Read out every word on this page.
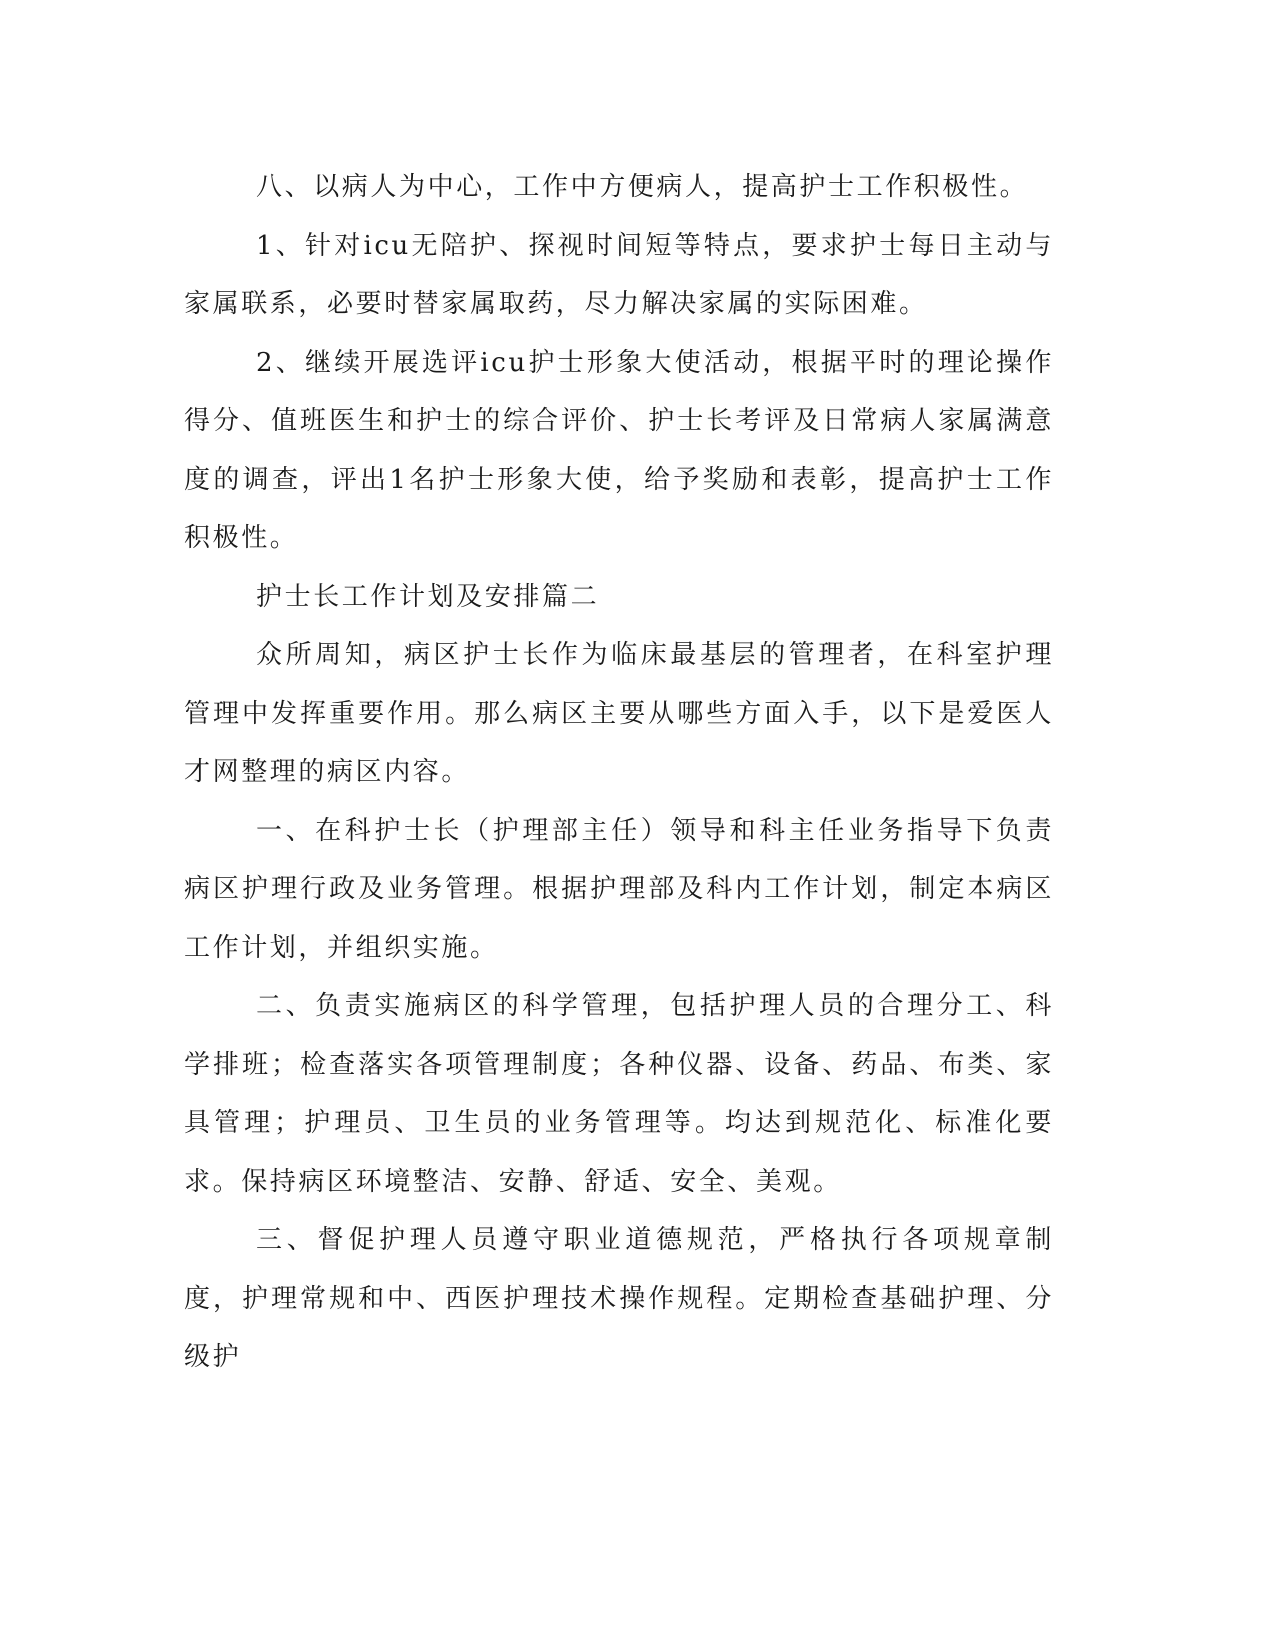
八、以病人为中心，工作中方便病人，提高护士工作积极性。

1、针对icu无陪护、探视时间短等特点，要求护士每日主动与家属联系，必要时替家属取药，尽力解决家属的实际困难。

2、继续开展选评icu护士形象大使活动，根据平时的理论操作得分、值班医生和护士的综合评价、护士长考评及日常病人家属满意度的调查，评出1名护士形象大使，给予奖励和表彰，提高护士工作积极性。

护士长工作计划及安排篇二

众所周知，病区护士长作为临床最基层的管理者，在科室护理管理中发挥重要作用。那么病区主要从哪些方面入手，以下是爱医人才网整理的病区内容。

一、在科护士长（护理部主任）领导和科主任业务指导下负责病区护理行政及业务管理。根据护理部及科内工作计划，制定本病区工作计划，并组织实施。

二、负责实施病区的科学管理，包括护理人员的合理分工、科学排班；检查落实各项管理制度；各种仪器、设备、药品、布类、家具管理；护理员、卫生员的业务管理等。均达到规范化、标准化要求。保持病区环境整洁、安静、舒适、安全、美观。

三、督促护理人员遵守职业道德规范，严格执行各项规章制度，护理常规和中、西医护理技术操作规程。定期检查基础护理、分级护
